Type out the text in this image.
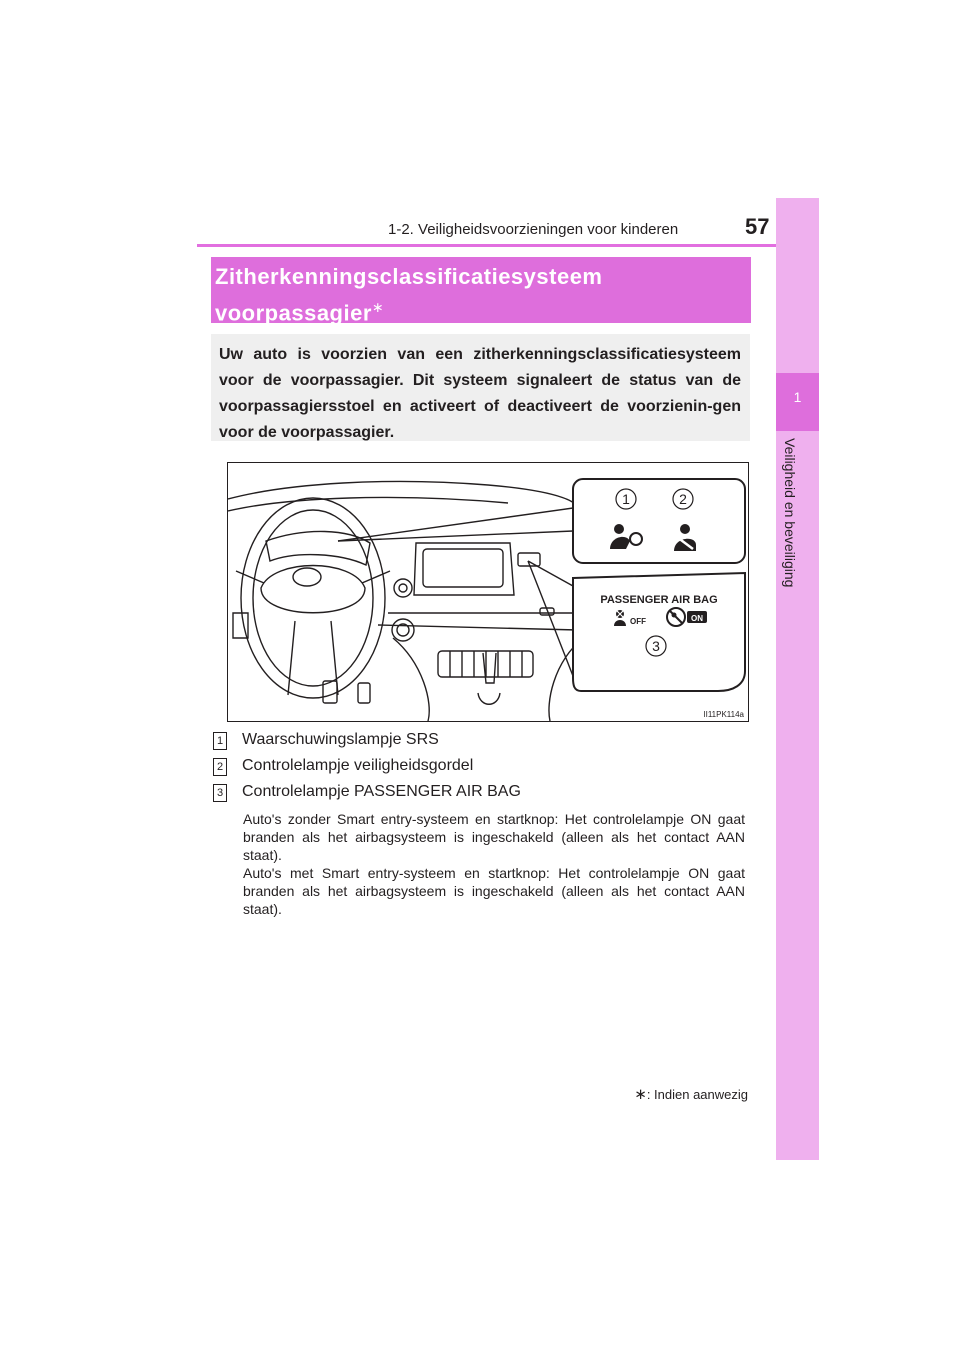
1-2. Veiligheidsvoorzieningen voor kinderen	57
1
Veiligheid en beveiliging
Zitherkenningsclassificatiesysteem
voorpassagier∗
Uw auto is voorzien van een zitherkenningsclassificatiesysteem voor de voorpassagier. Dit systeem signaleert de status van de voorpassagiersstoel en activeert of deactiveert de voorzienin-gen voor de voorpassagier.
1	2
PASSENGER AIR BAG
OFF	ON
3
II11PK114a
1 Waarschuwingslampje SRS
2 Controlelampje veiligheidsgordel
3 Controlelampje PASSENGER AIR BAG

Auto's zonder Smart entry-systeem en startknop: Het controlelampje ON gaat branden als het airbagsysteem is ingeschakeld (alleen als het contact AAN staat).

Auto's met Smart entry-systeem en startknop: Het controlelampje ON gaat branden als het airbagsysteem is ingeschakeld (alleen als het contact AAN staat).

∗: Indien aanwezig
